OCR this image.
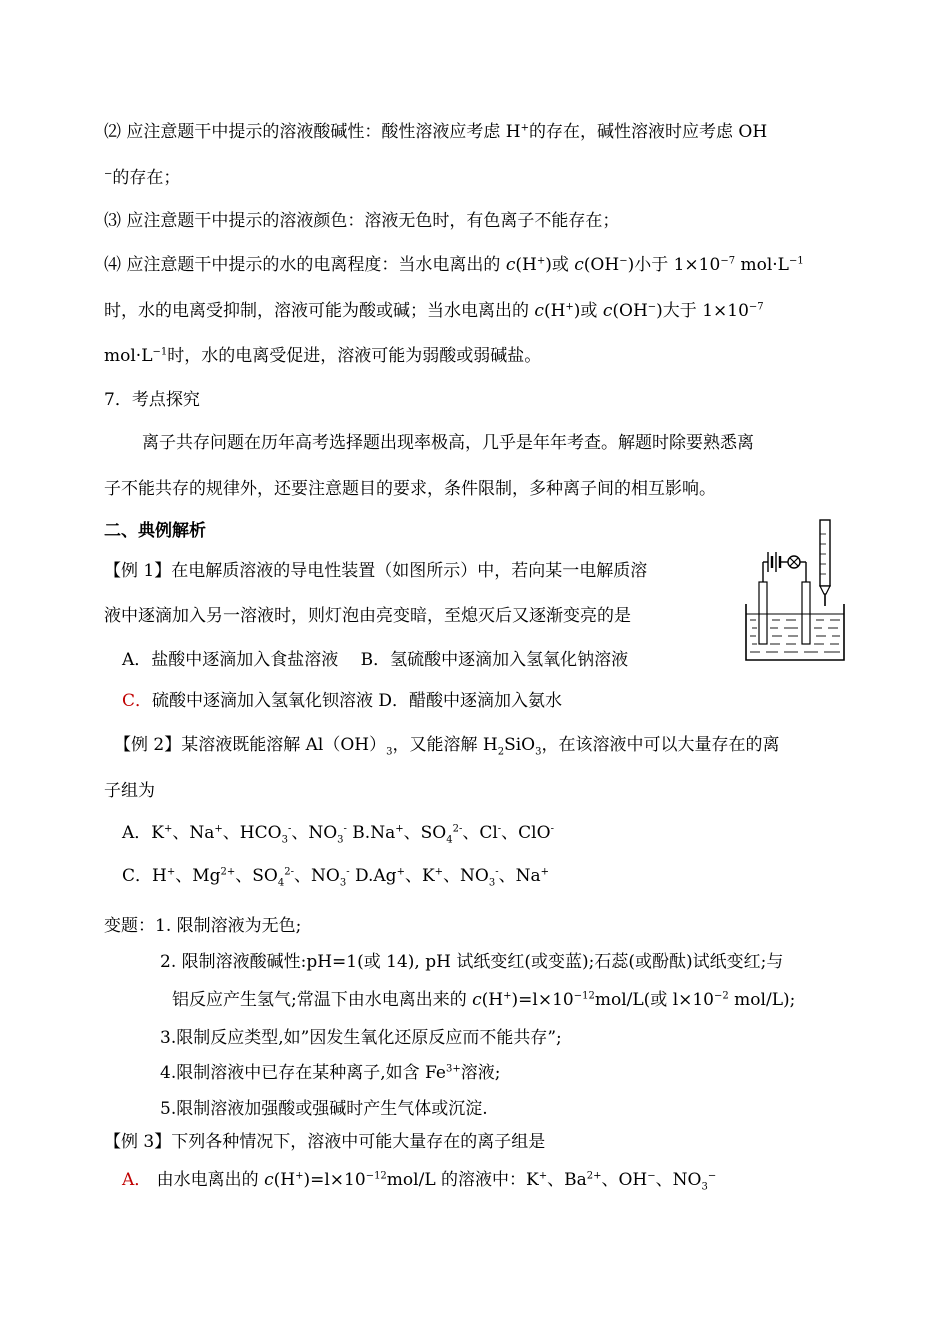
⑵ 应注意题干中提示的溶液酸碱性：酸性溶液应考虑 H+的存在，碱性溶液时应考虑 OH
−的存在；
⑶ 应注意题干中提示的溶液颜色：溶液无色时，有色离子不能存在；
⑷ 应注意题干中提示的水的电离程度：当水电离出的 c(H+)或 c(OH−)小于 $1\times 10^{-7}$ $mol\cdot L^{-1}$
时，水的电离受抑制，溶液可能为酸或碱；当水电离出的 c(H+)或 c(OH−)大于 $1\times 10^{-7}$
$mol\cdot L^{-1}$时，水的电离受促进，溶液可能为弱酸或弱碱盐。
7．考点探究
离子共存问题在历年高考选择题出现率极高，几乎是年年考查。解题时除要熟悉离
子不能共存的规律外，还要注意题目的要求，条件限制，多种离子间的相互影响。
二、典例解析
【例 1】在电解质溶液的导电性装置（如图所示）中，若向某一电解质溶
液中逐滴加入另一溶液时，则灯泡由亮变暗，至熄灭后又逐渐变亮的是
A．盐酸中逐滴加入食盐溶液　 B．氢硫酸中逐滴加入氢氧化钠溶液
C．硫酸中逐滴加入氢氧化钡溶液 D．醋酸中逐滴加入氨水
【例 2】某溶液既能溶解 $Al(OH)_3$，又能溶解 $H_2SiO_3$，在该溶液中可以大量存在的离
子组为
A．K+、Na+、$HCO_3^-$、$NO_3^-$ B.Na+、$SO_4^{2-}$、Cl-、ClO-
C．H+、$Mg^{2+}$、$SO_4^{2-}$、$NO_3^-$ D.Ag+、K+、$NO_3^-$、Na+
变题：1. 限制溶液为无色;
2. 限制溶液酸碱性:pH=1(或 14), pH 试纸变红(或变蓝);石蕊(或酚酞)试纸变红;与
铝反应产生氢气;常温下由水电离出来的 $c(H^+)=l\times 10^{-12}mol/L$(或 $l\times 10^{-2}$ mol/L);
3.限制反应类型,如”因发生氧化还原反应而不能共存”;
4.限制溶液中已存在某种离子,如含 $Fe^{3+}$溶液;
5.限制溶液加强酸或强碱时产生气体或沉淀.
【例 3】下列各种情况下，溶液中可能大量存在的离子组是
A． 由水电离出的 $c(H^+)=l\times 10^{-12}mol/L$ 的溶液中：K+、$Ba^{2+}$、OH−、$NO_3^-$
